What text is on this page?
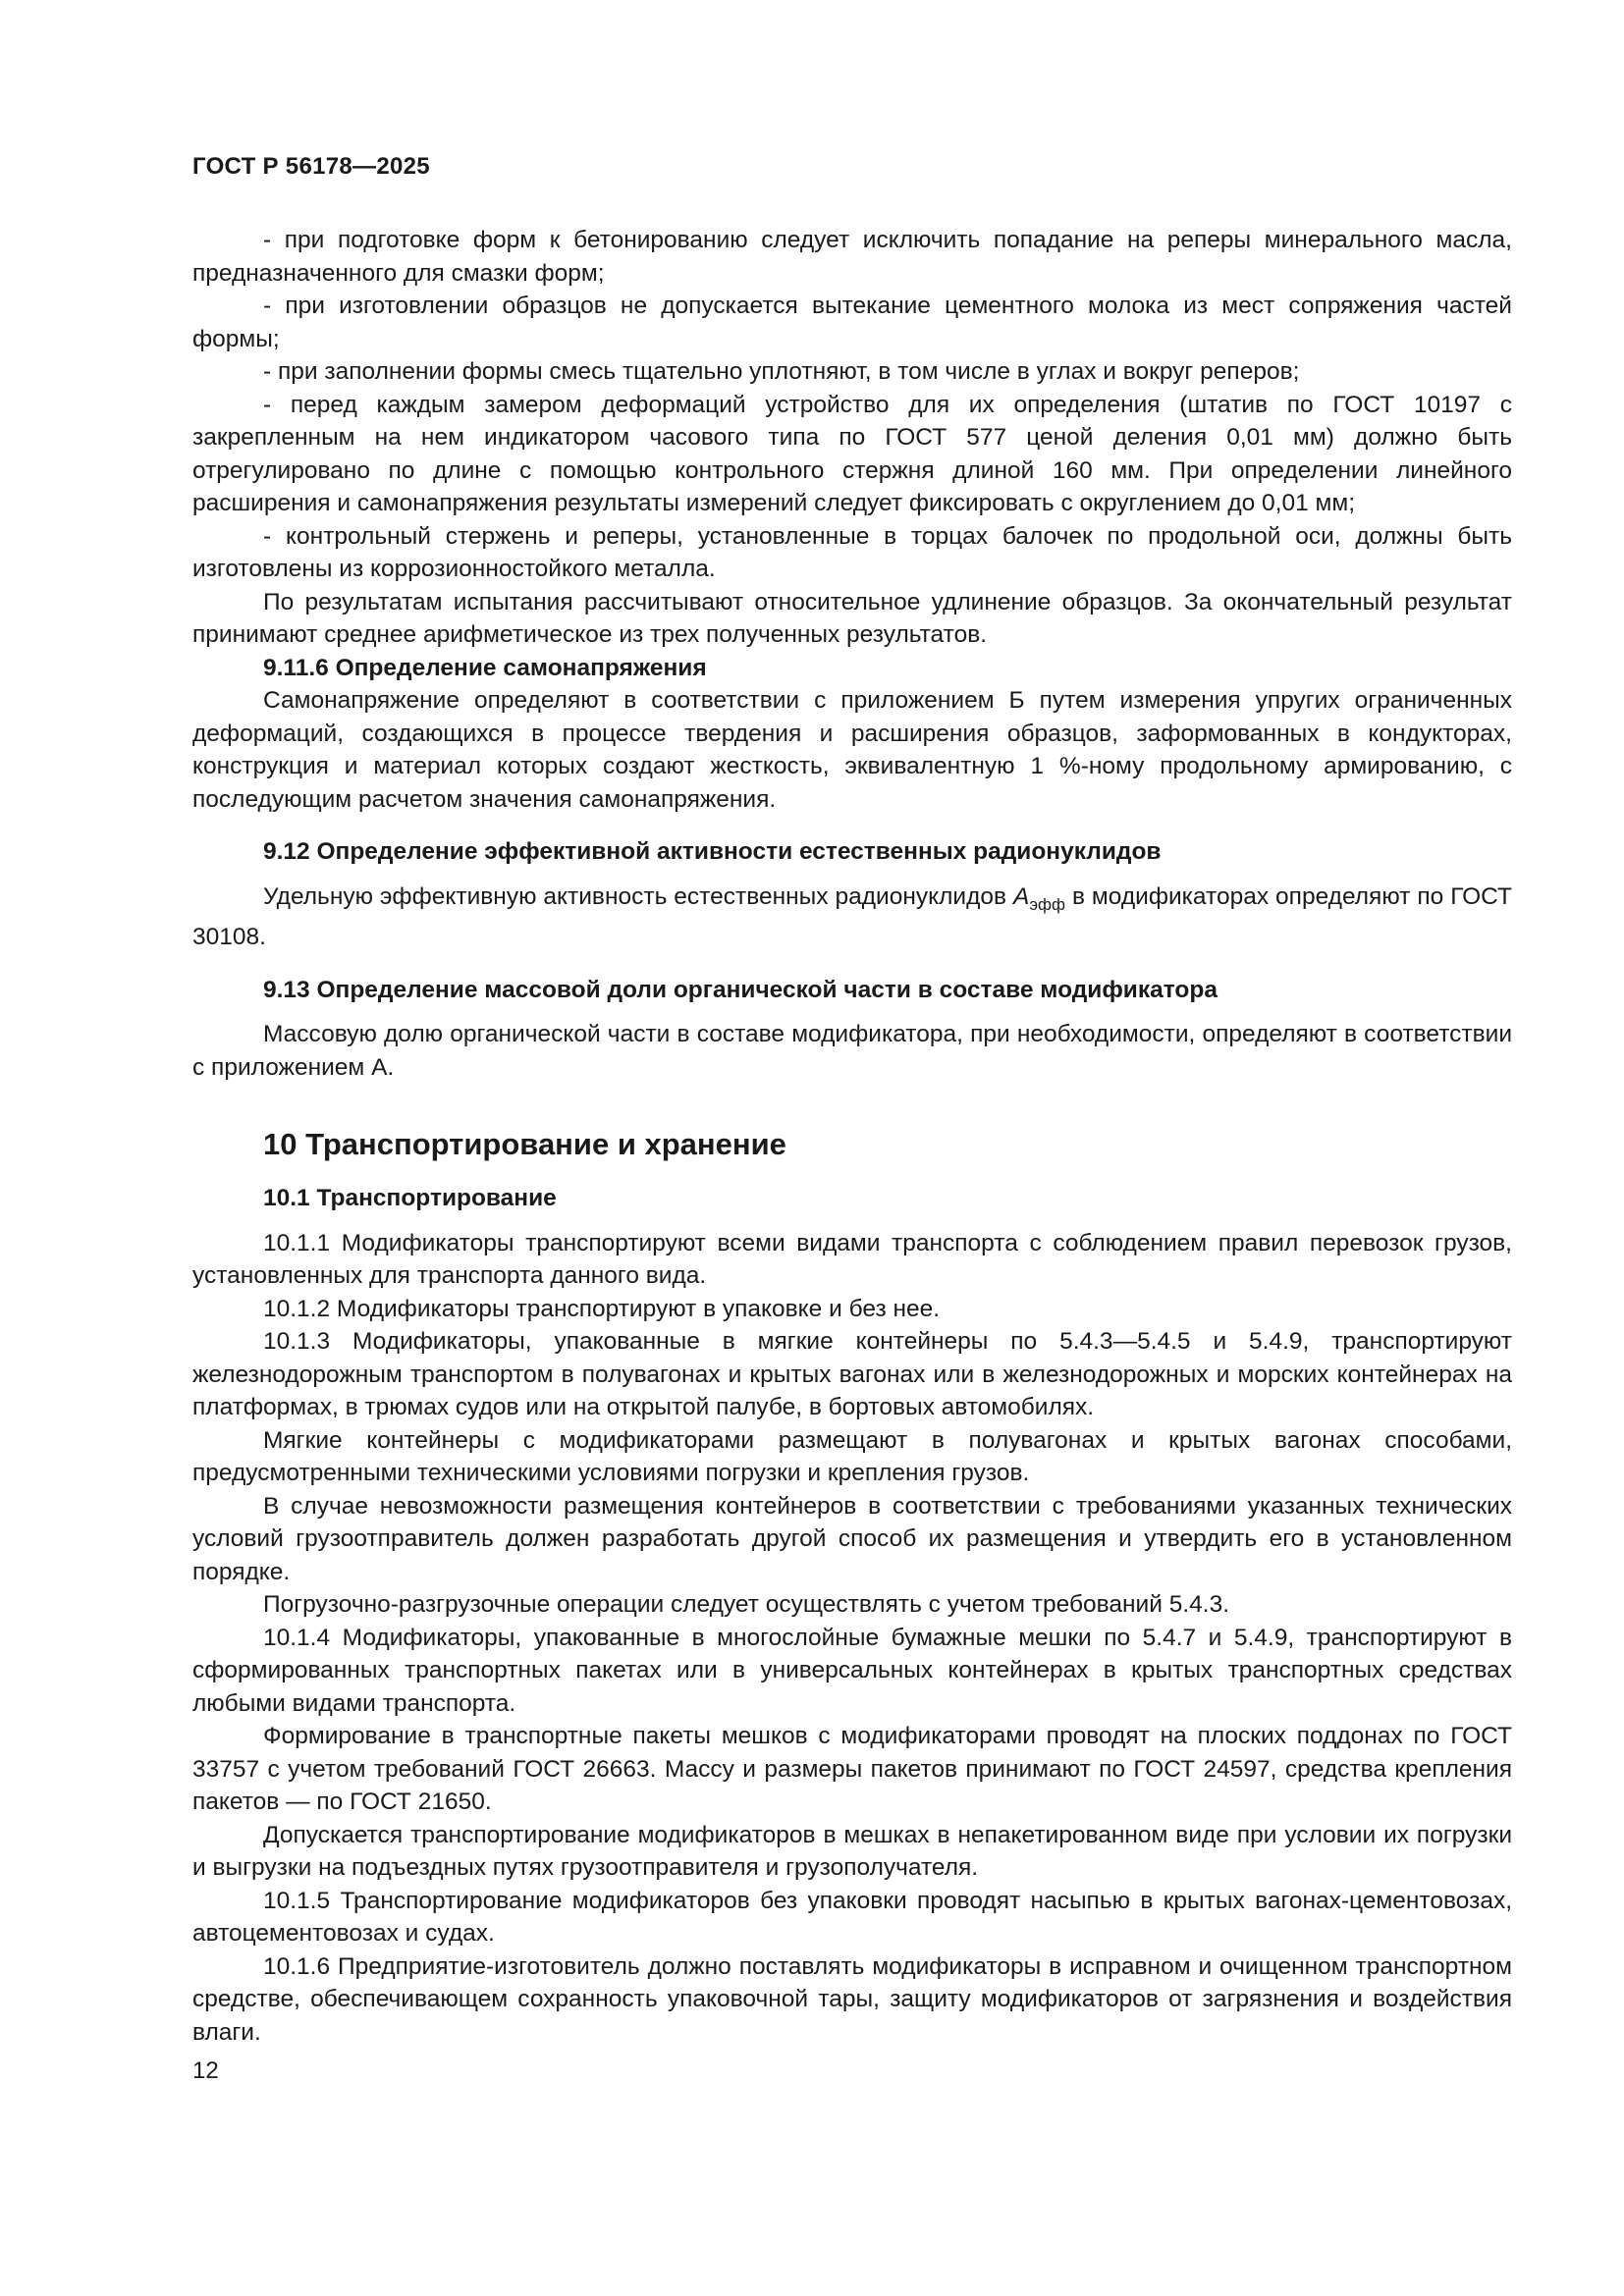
ГОСТ Р 56178—2025

- при подготовке форм к бетонированию следует исключить попадание на реперы минерального масла, предназначенного для смазки форм;

- при изготовлении образцов не допускается вытекание цементного молока из мест сопряжения частей формы;

- при заполнении формы смесь тщательно уплотняют, в том числе в углах и вокруг реперов;

- перед каждым замером деформаций устройство для их определения (штатив по ГОСТ 10197 с закрепленным на нем индикатором часового типа по ГОСТ 577 ценой деления 0,01 мм) должно быть отрегулировано по длине с помощью контрольного стержня длиной 160 мм. При определении линейного расширения и самонапряжения результаты измерений следует фиксировать с округлением до 0,01 мм;

- контрольный стержень и реперы, установленные в торцах балочек по продольной оси, должны быть изготовлены из коррозионностойкого металла.

По результатам испытания рассчитывают относительное удлинение образцов. За окончательный результат принимают среднее арифметическое из трех полученных результатов.

9.11.6 Определение самонапряжения

Самонапряжение определяют в соответствии с приложением Б путем измерения упругих ограниченных деформаций, создающихся в процессе твердения и расширения образцов, заформованных в кондукторах, конструкция и материал которых создают жесткость, эквивалентную 1 %-ному продольному армированию, с последующим расчетом значения самонапряжения.

9.12 Определение эффективной активности естественных радионуклидов

Удельную эффективную активность естественных радионуклидов $А_{эфф}$ в модификаторах определяют по ГОСТ 30108.

9.13 Определение массовой доли органической части в составе модификатора

Массовую долю органической части в составе модификатора, при необходимости, определяют в соответствии с приложением А.

10 Транспортирование и хранение

10.1 Транспортирование

10.1.1 Модификаторы транспортируют всеми видами транспорта с соблюдением правил перевозок грузов, установленных для транспорта данного вида.

10.1.2 Модификаторы транспортируют в упаковке и без нее.

10.1.3 Модификаторы, упакованные в мягкие контейнеры по 5.4.3—5.4.5 и 5.4.9, транспортируют железнодорожным транспортом в полувагонах и крытых вагонах или в железнодорожных и морских контейнерах на платформах, в трюмах судов или на открытой палубе, в бортовых автомобилях.

Мягкие контейнеры с модификаторами размещают в полувагонах и крытых вагонах способами, предусмотренными техническими условиями погрузки и крепления грузов.

В случае невозможности размещения контейнеров в соответствии с требованиями указанных технических условий грузоотправитель должен разработать другой способ их размещения и утвердить его в установленном порядке.

Погрузочно-разгрузочные операции следует осуществлять с учетом требований 5.4.3.

10.1.4 Модификаторы, упакованные в многослойные бумажные мешки по 5.4.7 и 5.4.9, транспортируют в сформированных транспортных пакетах или в универсальных контейнерах в крытых транспортных средствах любыми видами транспорта.

Формирование в транспортные пакеты мешков с модификаторами проводят на плоских поддонах по ГОСТ 33757 с учетом требований ГОСТ 26663. Массу и размеры пакетов принимают по ГОСТ 24597, средства крепления пакетов — по ГОСТ 21650.

Допускается транспортирование модификаторов в мешках в непакетированном виде при условии их погрузки и выгрузки на подъездных путях грузоотправителя и грузополучателя.

10.1.5 Транспортирование модификаторов без упаковки проводят насыпью в крытых вагонах-цементовозах, автоцементовозах и судах.

10.1.6 Предприятие-изготовитель должно поставлять модификаторы в исправном и очищенном транспортном средстве, обеспечивающем сохранность упаковочной тары, защиту модификаторов от загрязнения и воздействия влаги.

12
